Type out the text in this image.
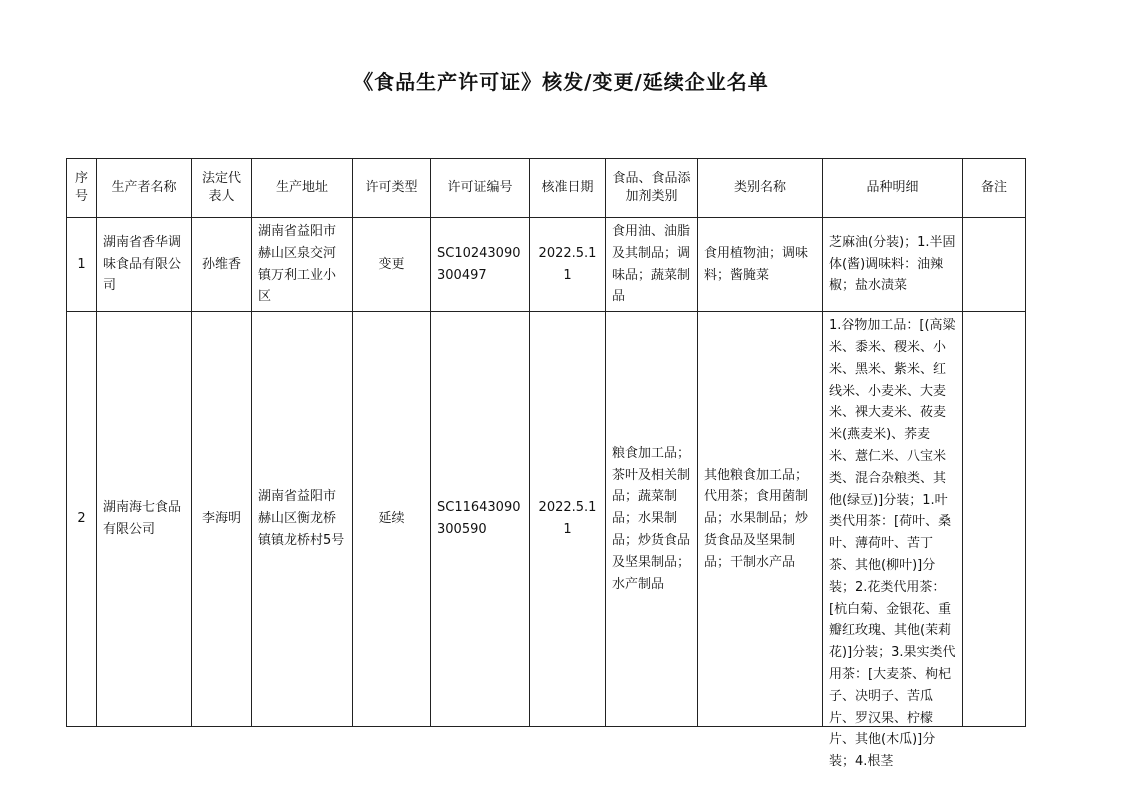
《食品生产许可证》核发/变更/延续企业名单
序号	生产者名称	法定代表人	生产地址	许可类型	许可证编号	核准日期	食品、食品添加剂类别	类别名称	品种明细	备注
1	湖南省香华调味食品有限公司	孙维香	湖南省益阳市赫山区泉交河镇万利工业小区	变更	SC10243090300497	2022.5.11	食用油、油脂及其制品；调味品；蔬菜制品	食用植物油；调味料；酱腌菜	芝麻油(分装)；1.半固体(酱)调味料：油辣椒；盐水渍菜	
2	湖南海七食品有限公司	李海明	湖南省益阳市赫山区衡龙桥镇镇龙桥村5号	延续	SC11643090300590	2022.5.11	粮食加工品；茶叶及相关制品；蔬菜制品；水果制品；炒货食品及坚果制品；水产制品	其他粮食加工品；代用茶；食用菌制品；水果制品；炒货食品及坚果制品；干制水产品	1.谷物加工品：[(高粱米、黍米、稷米、小米、黑米、紫米、红线米、小麦米、大麦米、裸大麦米、莜麦米(燕麦米)、荞麦米、薏仁米、八宝米类、混合杂粮类、其他(绿豆)]分装；1.叶类代用茶：[荷叶、桑叶、薄荷叶、苦丁茶、其他(柳叶)]分装；2.花类代用茶：[杭白菊、金银花、重瓣红玫瑰、其他(茉莉花)]分装；3.果实类代用茶：[大麦茶、枸杞子、决明子、苦瓜片、罗汉果、柠檬片、其他(木瓜)]分装；4.根茎	
